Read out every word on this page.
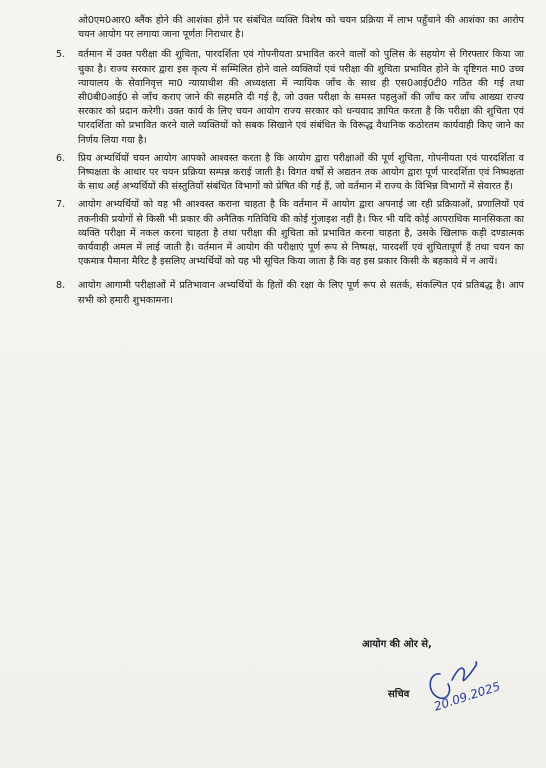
ओ0एम0आर0 ब्लैंक होने की आशंका होने पर संबंधित व्यक्ति विशेष को चयन प्रक्रिया में लाभ पहुँचाने की आशंका का आरोप चयन आयोग पर लगाया जाना पूर्णतः निराधार है।

5.	वर्तमान में उक्त परीक्षा की शुचिता, पारदर्शिता एवं गोपनीयता प्रभावित करने वालों को पुलिस के सहयोग से गिरफ्तार किया जा चुका है। राज्य सरकार द्वारा इस कृत्य में सम्मिलित होने वाले व्यक्तियों एवं परीक्षा की शुचिता प्रभावित होने के दृष्टिगत मा0 उच्च न्यायालय के सेवानिवृत्त मा0 न्यायाधीश की अध्यक्षता में न्यायिक जाँच के साथ ही एस0आई0टी0 गठित की गई तथा सी0बी0आई0 से जाँच कराए जाने की सहमति दी गई है, जो उक्त परीक्षा के समस्त पहलुओं की जाँच कर जाँच आख्या राज्य सरकार को प्रदान करेगी। उक्त कार्य के लिए चयन आयोग राज्य सरकार को धन्यवाद ज्ञापित करता है कि परीक्षा की शुचिता एवं पारदर्शिता को प्रभावित करने वाले व्यक्तियों को सबक सिखाने एवं संबंधित के विरूद्ध वैधानिक कठोरतम कार्यवाही किए जाने का निर्णय लिया गया है।
6.	प्रिय अभ्यर्थियों चयन आयोग आपको आश्वस्त करता है कि आयोग द्वारा परीक्षाओं की पूर्ण शुचिता, गोपनीयता एवं पारदर्शिता व निष्पक्षता के आधार पर चयन प्रक्रिया सम्पन्न कराई जाती है। विगत वर्षों से अद्यतन तक आयोग द्वारा पूर्ण पारदर्शिता एवं निष्पक्षता के साथ अर्ह अभ्यर्थियों की संस्तुतियाँ संबंधित विभागों को प्रेषित की गई हैं, जो वर्तमान में राज्य के विभिन्न विभागों में सेवारत हैं।
7.	आयोग अभ्यर्थियों को यह भी आश्वस्त कराना चाहता है कि वर्तमान में आयोग द्वारा अपनाई जा रही प्रक्रियाओं, प्रणालियों एवं तकनीकी प्रयोगों से किसी भी प्रकार की अनैतिक गतिविधि की कोई गुंजाइश नहीं है। फिर भी यदि कोई आपराधिक मानसिकता का व्यक्ति परीक्षा में नकल करना चाहता है तथा परीक्षा की शुचिता को प्रभावित करना चाहता है, उसके खिलाफ कड़ी दण्डात्मक कार्यवाही अमल में लाई जाती है। वर्तमान में आयोग की परीक्षाएं पूर्ण रूप से निष्पक्ष, पारदर्शी एवं शुचितापूर्ण हैं तथा चयन का एकमात्र पैमाना मैरिट है इसलिए अभ्यर्थियों को यह भी सूचित किया जाता है कि वह इस प्रकार किसी के बहकावे में न आयें।
8.	आयोग आगामी परीक्षाओं में प्रतिभावान अभ्यर्थियों के हितों की रक्षा के लिए पूर्ण रूप से सतर्क, संकल्पित एवं प्रतिबद्ध है। आप सभी को हमारी शुभकामना।
आयोग की ओर से,
20.09.2025
सचिव
